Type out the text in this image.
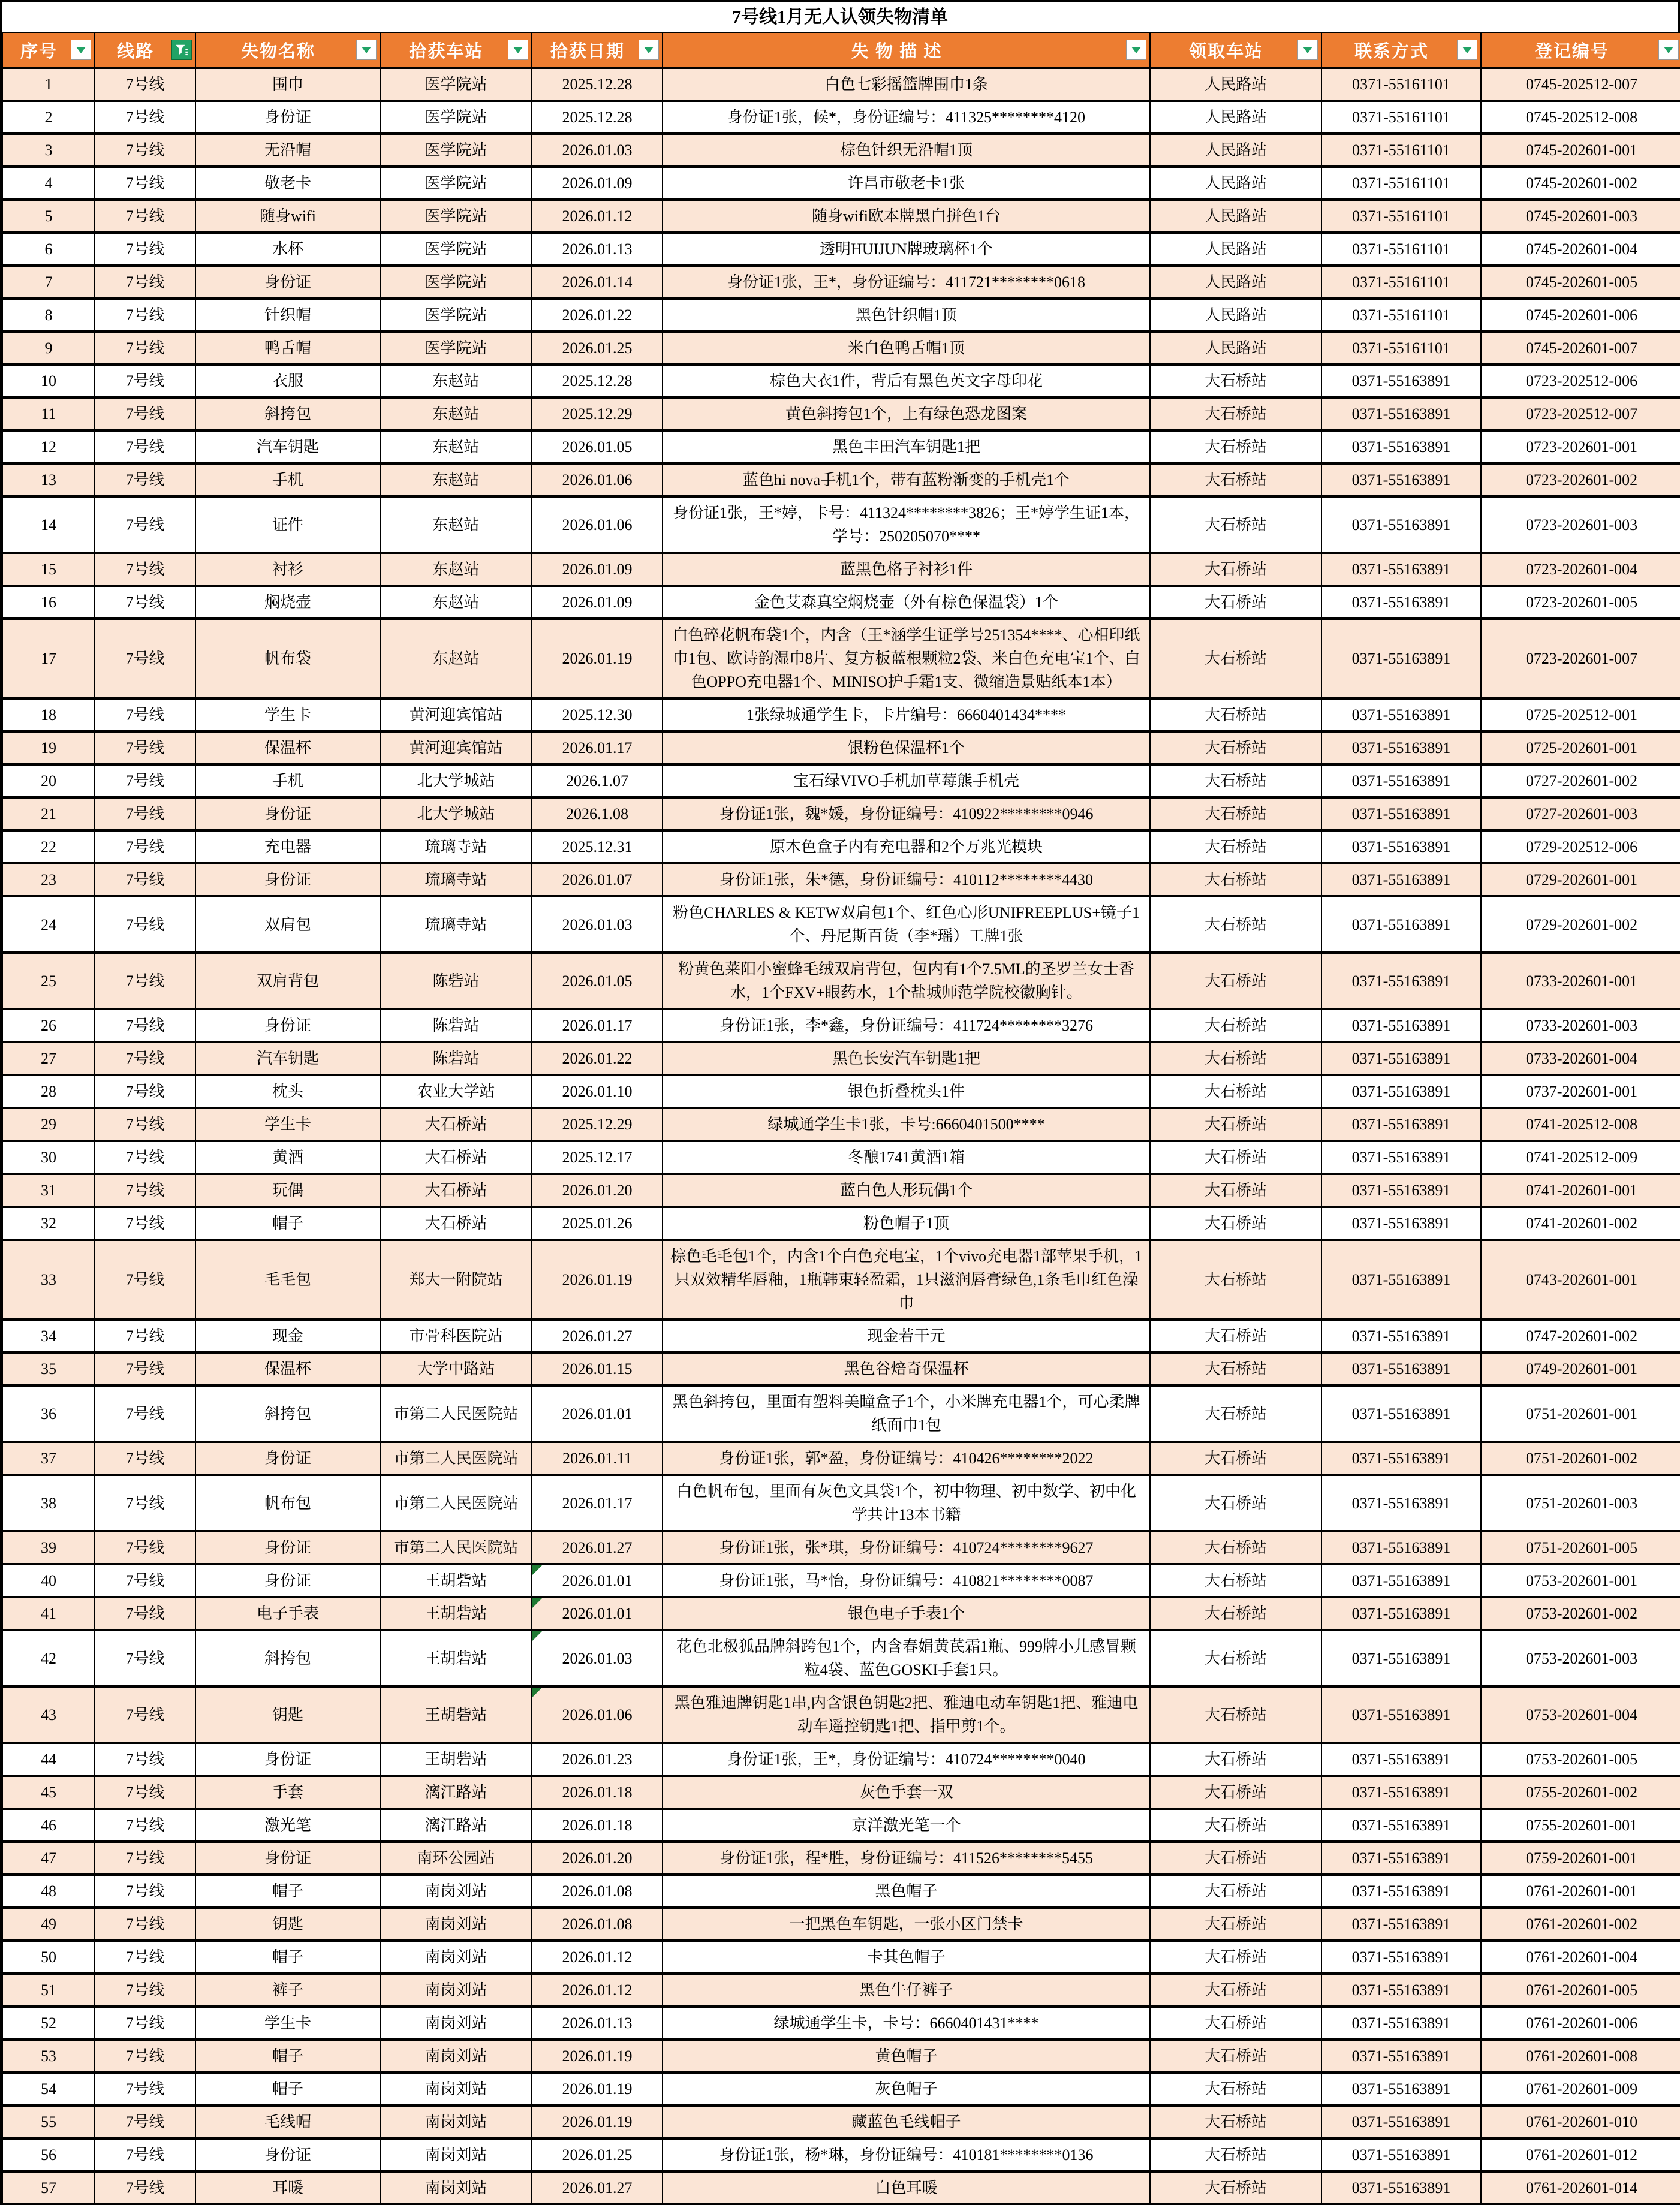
7号线1月无人认领失物清单
序号	线路	失物名称	拾获车站	拾获日期	失 物 描 述	领取车站	联系方式	登记编号

1	7号线	围巾	医学院站	2025.12.28	白色七彩摇篮牌围巾1条	人民路站	0371-55161101	0745-202512-007
2	7号线	身份证	医学院站	2025.12.28	身份证1张，候*，身份证编号：411325********4120	人民路站	0371-55161101	0745-202512-008
3	7号线	无沿帽	医学院站	2026.01.03	棕色针织无沿帽1顶	人民路站	0371-55161101	0745-202601-001
4	7号线	敬老卡	医学院站	2026.01.09	许昌市敬老卡1张	人民路站	0371-55161101	0745-202601-002
5	7号线	随身wifi	医学院站	2026.01.12	随身wifi欧本牌黑白拼色1台	人民路站	0371-55161101	0745-202601-003
6	7号线	水杯	医学院站	2026.01.13	透明HUIJUN牌玻璃杯1个	人民路站	0371-55161101	0745-202601-004
7	7号线	身份证	医学院站	2026.01.14	身份证1张，王*，身份证编号：411721********0618	人民路站	0371-55161101	0745-202601-005
8	7号线	针织帽	医学院站	2026.01.22	黑色针织帽1顶	人民路站	0371-55161101	0745-202601-006
9	7号线	鸭舌帽	医学院站	2026.01.25	米白色鸭舌帽1顶	人民路站	0371-55161101	0745-202601-007
10	7号线	衣服	东赵站	2025.12.28	棕色大衣1件，背后有黑色英文字母印花	大石桥站	0371-55163891	0723-202512-006
11	7号线	斜挎包	东赵站	2025.12.29	黄色斜挎包1个，上有绿色恐龙图案	大石桥站	0371-55163891	0723-202512-007
12	7号线	汽车钥匙	东赵站	2026.01.05	黑色丰田汽车钥匙1把	大石桥站	0371-55163891	0723-202601-001
13	7号线	手机	东赵站	2026.01.06	蓝色hi nova手机1个，带有蓝粉渐变的手机壳1个	大石桥站	0371-55163891	0723-202601-002
14	7号线	证件	东赵站	2026.01.06	身份证1张，王*婷，卡号：411324********3826；王*婷学生证1本，学号：250205070****	大石桥站	0371-55163891	0723-202601-003
15	7号线	衬衫	东赵站	2026.01.09	蓝黑色格子衬衫1件	大石桥站	0371-55163891	0723-202601-004
16	7号线	焖烧壶	东赵站	2026.01.09	金色艾森真空焖烧壶（外有棕色保温袋）1个	大石桥站	0371-55163891	0723-202601-005
17	7号线	帆布袋	东赵站	2026.01.19	白色碎花帆布袋1个，内含（王*涵学生证学号251354****、心相印纸巾1包、欧诗韵湿巾8片、复方板蓝根颗粒2袋、米白色充电宝1个、白色OPPO充电器1个、MINISO护手霜1支、微缩造景贴纸本1本）	大石桥站	0371-55163891	0723-202601-007
18	7号线	学生卡	黄河迎宾馆站	2025.12.30	1张绿城通学生卡，卡片编号：6660401434****	大石桥站	0371-55163891	0725-202512-001
19	7号线	保温杯	黄河迎宾馆站	2026.01.17	银粉色保温杯1个	大石桥站	0371-55163891	0725-202601-001
20	7号线	手机	北大学城站	2026.1.07	宝石绿VIVO手机加草莓熊手机壳	大石桥站	0371-55163891	0727-202601-002
21	7号线	身份证	北大学城站	2026.1.08	身份证1张，魏*媛，身份证编号：410922********0946	大石桥站	0371-55163891	0727-202601-003
22	7号线	充电器	琉璃寺站	2025.12.31	原木色盒子内有充电器和2个万兆光模块	大石桥站	0371-55163891	0729-202512-006
23	7号线	身份证	琉璃寺站	2026.01.07	身份证1张，朱*德，身份证编号：410112********4430	大石桥站	0371-55163891	0729-202601-001
24	7号线	双肩包	琉璃寺站	2026.01.03	粉色CHARLES & KETW双肩包1个、红色心形UNIFREEPLUS+镜子1个、丹尼斯百货（李*瑶）工牌1张	大石桥站	0371-55163891	0729-202601-002
25	7号线	双肩背包	陈砦站	2026.01.05	粉黄色莱阳小蜜蜂毛绒双肩背包，包内有1个7.5ML的圣罗兰女士香水，1个FXV+眼药水，1个盐城师范学院校徽胸针。	大石桥站	0371-55163891	0733-202601-001
26	7号线	身份证	陈砦站	2026.01.17	身份证1张，李*鑫，身份证编号：411724********3276	大石桥站	0371-55163891	0733-202601-003
27	7号线	汽车钥匙	陈砦站	2026.01.22	黑色长安汽车钥匙1把	大石桥站	0371-55163891	0733-202601-004
28	7号线	枕头	农业大学站	2026.01.10	银色折叠枕头1件	大石桥站	0371-55163891	0737-202601-001
29	7号线	学生卡	大石桥站	2025.12.29	绿城通学生卡1张，卡号:6660401500****	大石桥站	0371-55163891	0741-202512-008
30	7号线	黄酒	大石桥站	2025.12.17	冬酿1741黄酒1箱	大石桥站	0371-55163891	0741-202512-009
31	7号线	玩偶	大石桥站	2026.01.20	蓝白色人形玩偶1个	大石桥站	0371-55163891	0741-202601-001
32	7号线	帽子	大石桥站	2025.01.26	粉色帽子1顶	大石桥站	0371-55163891	0741-202601-002
33	7号线	毛毛包	郑大一附院站	2026.01.19	棕色毛毛包1个，内含1个白色充电宝，1个vivo充电器1部苹果手机，1只双效精华唇釉，1瓶韩束轻盈霜，1只滋润唇膏绿色,1条毛巾红色澡巾	大石桥站	0371-55163891	0743-202601-001
34	7号线	现金	市骨科医院站	2026.01.27	现金若干元	大石桥站	0371-55163891	0747-202601-002
35	7号线	保温杯	大学中路站	2026.01.15	黑色谷焙奇保温杯	大石桥站	0371-55163891	0749-202601-001
36	7号线	斜挎包	市第二人民医院站	2026.01.01	黑色斜挎包，里面有塑料美瞳盒子1个，小米牌充电器1个，可心柔牌纸面巾1包	大石桥站	0371-55163891	0751-202601-001
37	7号线	身份证	市第二人民医院站	2026.01.11	身份证1张，郭*盈，身份证编号：410426********2022	大石桥站	0371-55163891	0751-202601-002
38	7号线	帆布包	市第二人民医院站	2026.01.17	白色帆布包，里面有灰色文具袋1个，初中物理、初中数学、初中化学共计13本书籍	大石桥站	0371-55163891	0751-202601-003
39	7号线	身份证	市第二人民医院站	2026.01.27	身份证1张，张*琪，身份证编号：410724********9627	大石桥站	0371-55163891	0751-202601-005
40	7号线	身份证	王胡砦站	2026.01.01	身份证1张，马*怡，身份证编号：410821********0087	大石桥站	0371-55163891	0753-202601-001
41	7号线	电子手表	王胡砦站	2026.01.01	银色电子手表1个	大石桥站	0371-55163891	0753-202601-002
42	7号线	斜挎包	王胡砦站	2026.01.03	花色北极狐品牌斜跨包1个，内含春娟黄芪霜1瓶、999牌小儿感冒颗粒4袋、蓝色GOSKI手套1只。	大石桥站	0371-55163891	0753-202601-003
43	7号线	钥匙	王胡砦站	2026.01.06	黑色雅迪牌钥匙1串,内含银色钥匙2把、雅迪电动车钥匙1把、雅迪电动车遥控钥匙1把、指甲剪1个。	大石桥站	0371-55163891	0753-202601-004
44	7号线	身份证	王胡砦站	2026.01.23	身份证1张，王*，身份证编号：410724********0040	大石桥站	0371-55163891	0753-202601-005
45	7号线	手套	漓江路站	2026.01.18	灰色手套一双	大石桥站	0371-55163891	0755-202601-002
46	7号线	激光笔	漓江路站	2026.01.18	京洋激光笔一个	大石桥站	0371-55163891	0755-202601-001
47	7号线	身份证	南环公园站	2026.01.20	身份证1张，程*胜，身份证编号：411526********5455	大石桥站	0371-55163891	0759-202601-001
48	7号线	帽子	南岗刘站	2026.01.08	黑色帽子	大石桥站	0371-55163891	0761-202601-001
49	7号线	钥匙	南岗刘站	2026.01.08	一把黑色车钥匙，一张小区门禁卡	大石桥站	0371-55163891	0761-202601-002
50	7号线	帽子	南岗刘站	2026.01.12	卡其色帽子	大石桥站	0371-55163891	0761-202601-004
51	7号线	裤子	南岗刘站	2026.01.12	黑色牛仔裤子	大石桥站	0371-55163891	0761-202601-005
52	7号线	学生卡	南岗刘站	2026.01.13	绿城通学生卡，卡号：6660401431****	大石桥站	0371-55163891	0761-202601-006
53	7号线	帽子	南岗刘站	2026.01.19	黄色帽子	大石桥站	0371-55163891	0761-202601-008
54	7号线	帽子	南岗刘站	2026.01.19	灰色帽子	大石桥站	0371-55163891	0761-202601-009
55	7号线	毛线帽	南岗刘站	2026.01.19	藏蓝色毛线帽子	大石桥站	0371-55163891	0761-202601-010
56	7号线	身份证	南岗刘站	2026.01.25	身份证1张，杨*琳，身份证编号：410181********0136	大石桥站	0371-55163891	0761-202601-012
57	7号线	耳暖	南岗刘站	2026.01.27	白色耳暖	大石桥站	0371-55163891	0761-202601-014
